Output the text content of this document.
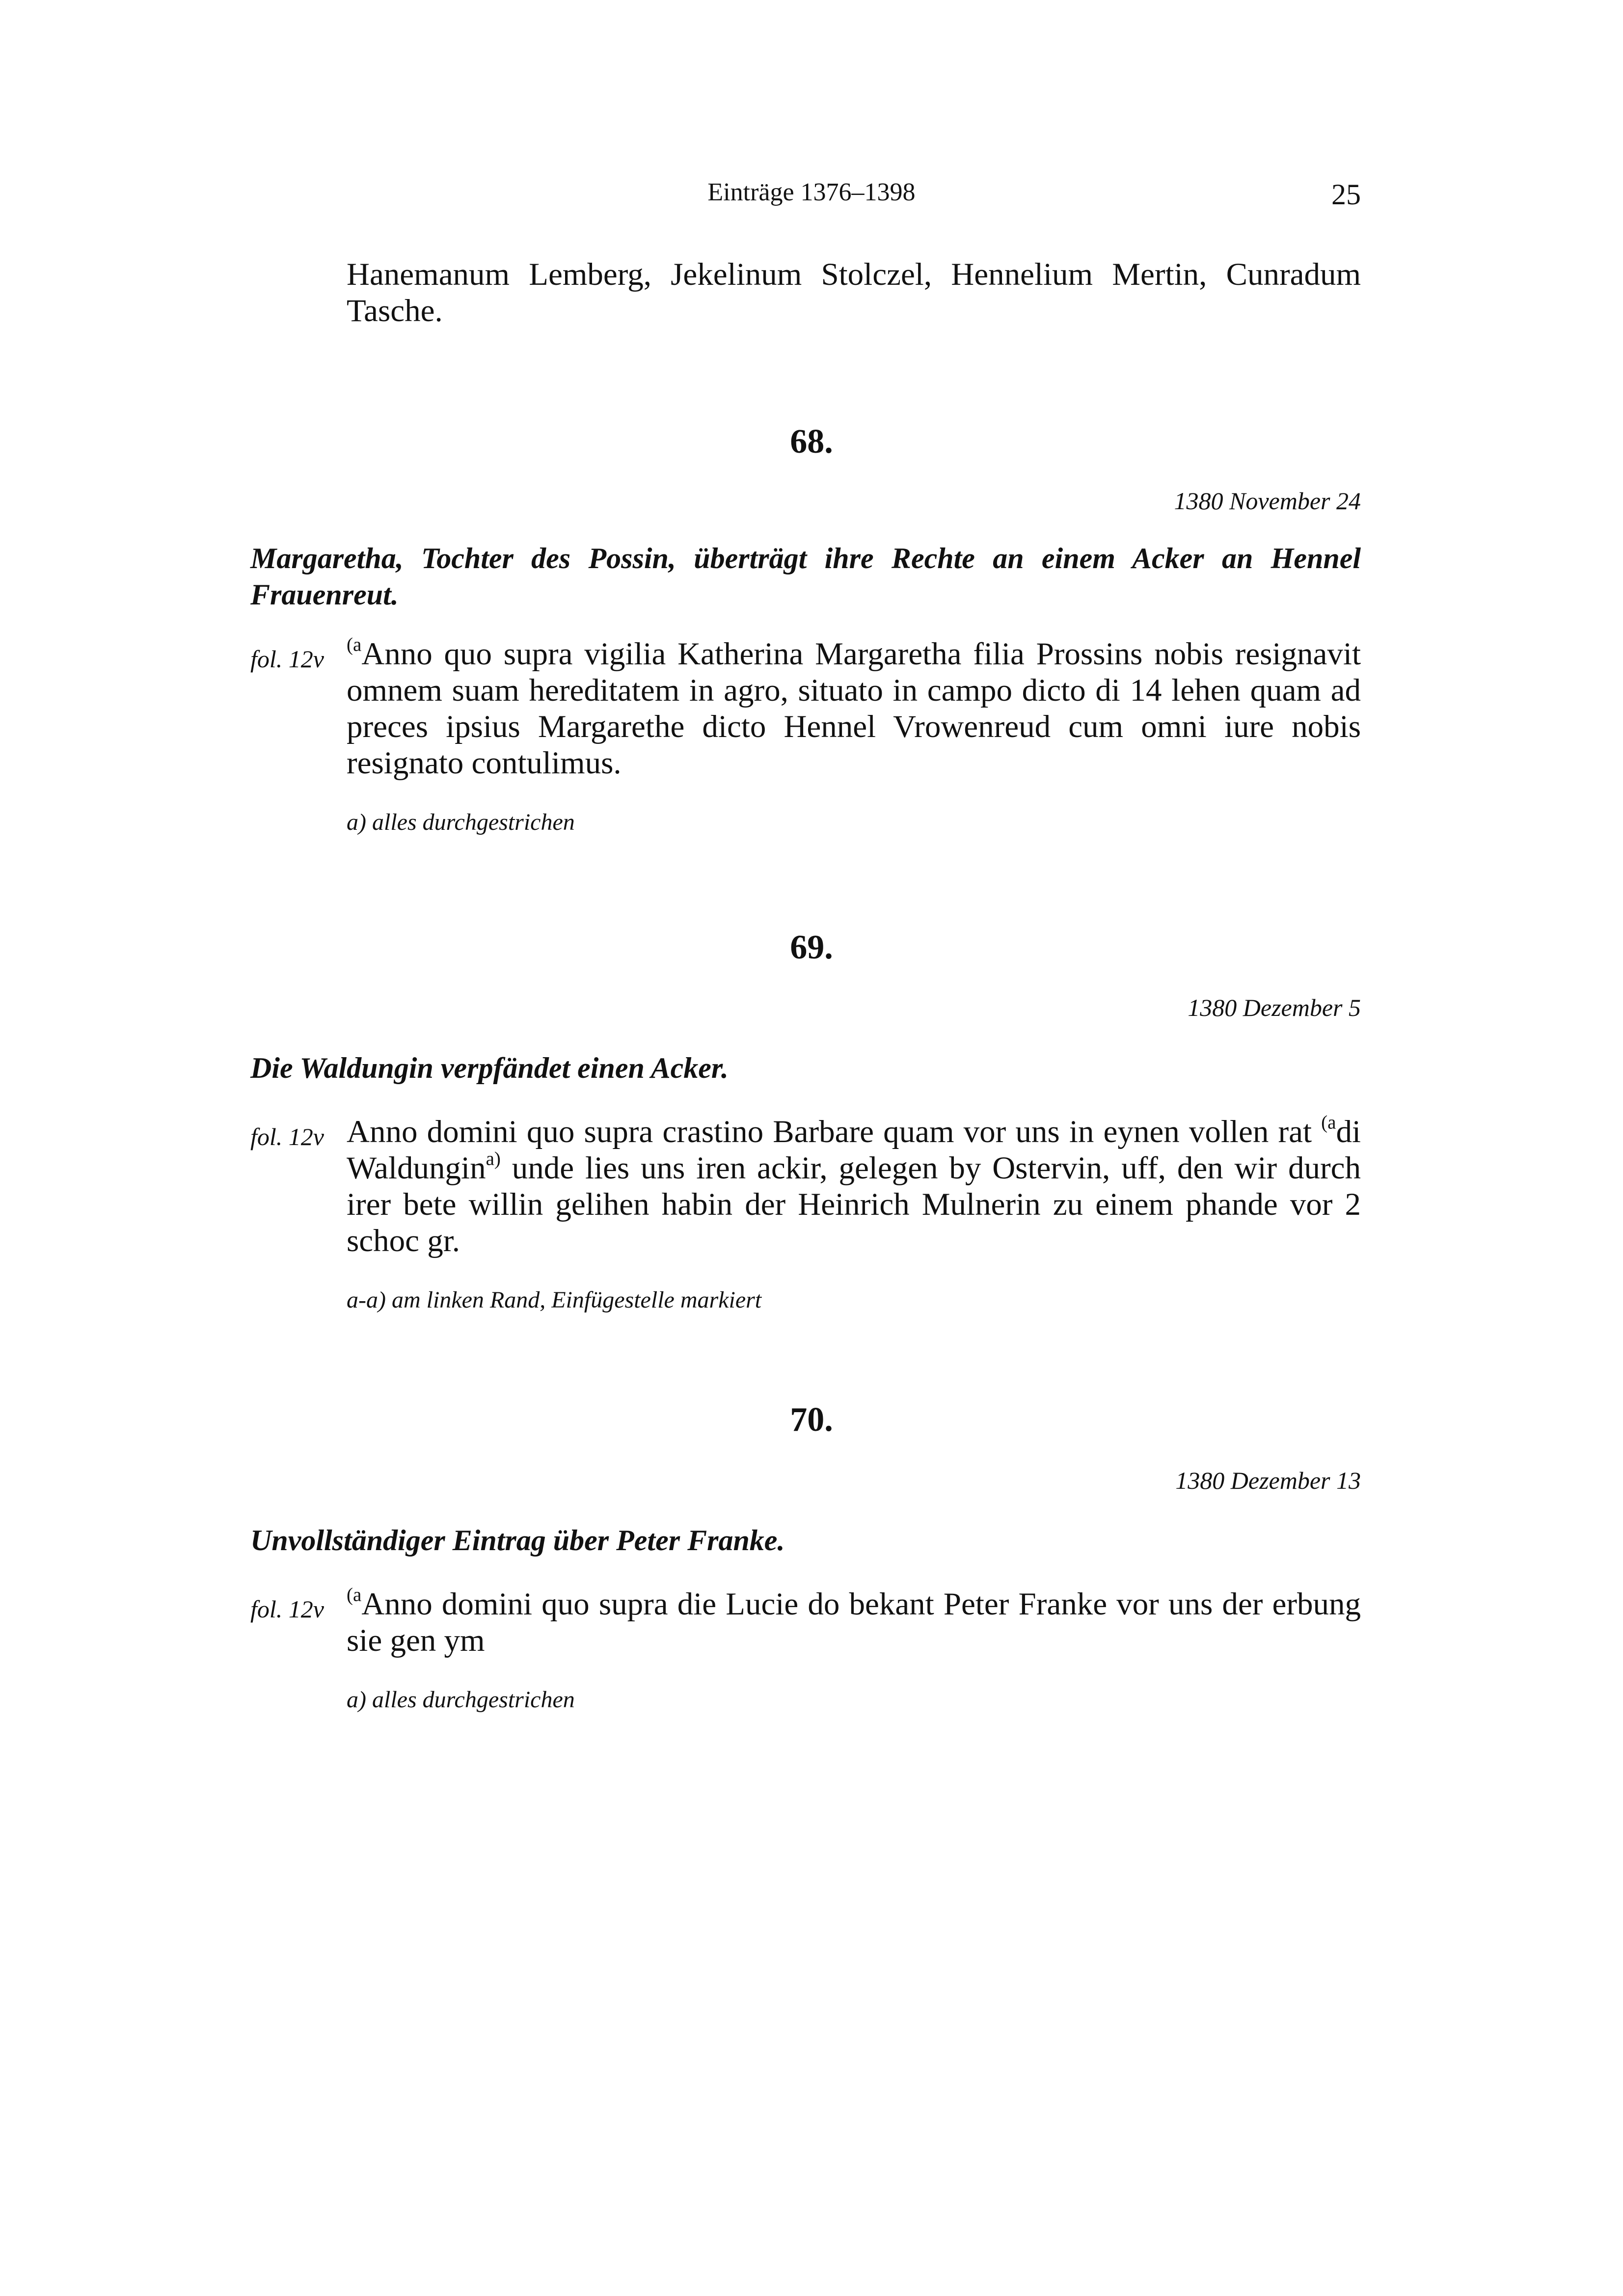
Einträge 1376–1398	25
Hanemanum Lemberg, Jekelinum Stolczel, Hennelium Mertin, Cunradum Tasche.
68.
1380 November 24
Margaretha, Tochter des Possin, überträgt ihre Rechte an einem Acker an Hennel Frauenreut.
fol. 12v
$^{(a}$Anno quo supra vigilia Katherina Margaretha filia Prossins nobis resignavit omnem suam hereditatem in agro, situato in campo dicto di 14 lehen quam ad preces ipsius Margarethe dicto Hennel Vrowenreud cum omni iure nobis resignato contulimus.
a) alles durchgestrichen
69.
1380 Dezember 5
Die Waldungin verpfändet einen Acker.
fol. 12v Anno domini quo supra crastino Barbare quam vor uns in eynen vollen rat $^{(a}$di Waldungin$^{a)}$ unde lies uns iren ackir, gelegen by Ostervin, uff, den wir durch irer bete willin gelihen habin der Heinrich Mulnerin zu einem phande vor 2 schoc gr.
a-a) am linken Rand, Einfügestelle markiert
70.
1380 Dezember 13
Unvollständiger Eintrag über Peter Franke.
fol. 12v
$^{(a}$Anno domini quo supra die Lucie do bekant Peter Franke vor uns der erbung sie gen ym
a) alles durchgestrichen
